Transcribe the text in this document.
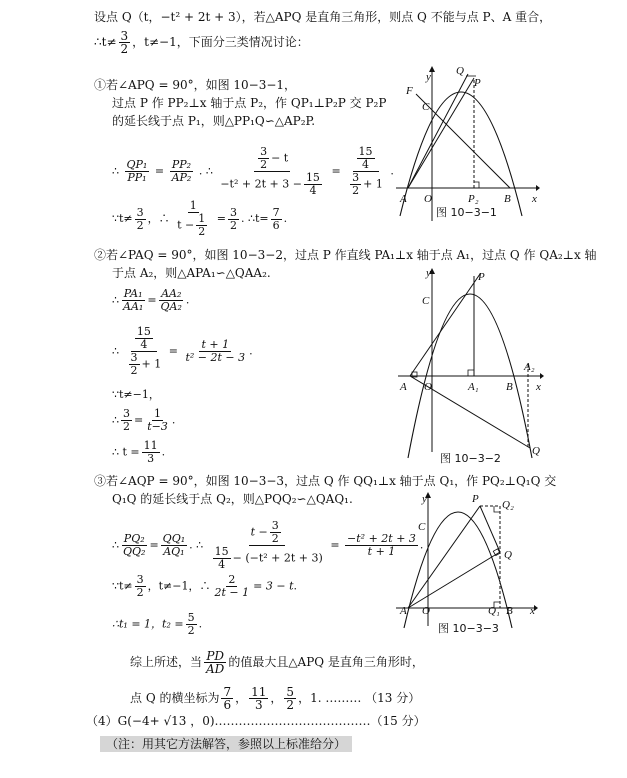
设点 Q（t，−t² + 2t + 3），若△APQ 是直角三角形，则点 Q 不能与点 P、A 重合，
∴t≠ $\frac{3}{2}$ ，t≠−1，下面分三类情况讨论：
①若∠APQ = 90°，如图 10−3−1，
过点 P 作 PP₂⊥x 轴于点 P₂，作 QP₁⊥P₂P 交 P₂P
的延长线于点 P₁，则△PP₁Q∽△AP₂P.
∴ $\frac{\text{QP₁}}{\text{PP₁}} = \frac{\text{PP₂}}{\text{AP₂}}$ . ∴ $\frac{\frac{3}{2} - t}{-t^2 + 2t + 3 - \frac{15}{4}} = \frac{\frac{15}{4}}{\frac{3}{2} + 1}$ .
∵t≠ $\frac{3}{2}$ ，∴ $\frac{1}{t - \frac{1}{2}} = \frac{3}{2}$ . ∴t= $\frac{7}{6}$ .
y
x
O
A	B
C
F
Q
P
P₂
图 10−3−1
②若∠PAQ = 90°，如图 10−3−2，过点 P 作直线 PA₁⊥x 轴于点 A₁，过点 Q 作 QA₂⊥x 轴
于点 A₂，则△APA₁∽△QAA₂.
∴ $\frac{\text{PA₁}}{\text{AA₁}} = \frac{\text{AA₂}}{\text{QA₂}}$ .
∴ $\frac{\frac{15}{4}}{\frac{3}{2} + 1} = \frac{t + 1}{\text{t² − 2t − 3}}$ .
∵t≠−1，
∴ $\frac{3}{2} = \frac{1}{t-3}$ .
∴ $t = \frac{11}{3}$ .
y
x
O
A	B
C
P
A₁
A₂
Q
图 10−3−2
③若∠AQP = 90°，如图 10−3−3，过点 Q 作 QQ₁⊥x 轴于点 Q₁，作 PQ₂⊥Q₁Q 交
Q₁Q 的延长线于点 Q₂，则△PQQ₂∽△QAQ₁.
∴ $\frac{\text{PQ₂}}{\text{QQ₂}} = \frac{\text{QQ₁}}{\text{AQ₁}}$ . ∴ $\frac{t - \frac{3}{2}}{\frac{15}{4} - (-t^2 + 2t + 3)} = \frac{\text{−t² + 2t + 3}}{t + 1}$ .
∵t≠ $\frac{3}{2}$ ，t≠−1，∴ $\frac{2}{2t - 1} = 3 - t$.
∴t₁ = 1，$t_2 = \frac{5}{2}$ .
y
x
O
A	B
C
P Q₂
Q
Q₁
图 10−3−3
综上所述，当 $\frac{PD}{AD}$ 的值最大且△APQ 是直角三角形时，
点 Q 的横坐标为 $\frac{7}{6}$ ， $\frac{11}{3}$ ， $\frac{5}{2}$ ，1. ……… （13 分）
（4）G(−4+ √13 ，0)…………………………………（15 分）
（注：用其它方法解答，参照以上标准给分）
